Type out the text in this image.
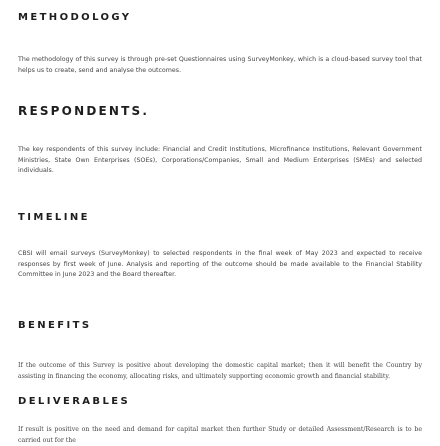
METHODOLOGY

The methodology of this survey is through pre-set Questionnaires using SurveyMonkey, which is a cloud-based survey tool that helps us to create, send and analyse the outcomes.

RESPONDENTS.

The key respondents of this survey include: Financial and Credit Institutions, Microfinance Institutions, Relevant Government Ministries, State Own Enterprises (SOEs), Corporations/Companies, Small and Medium Enterprises (SMEs) and selected individuals.

TIMELINE

CBSI will email surveys (SurveyMonkey) to selected respondents in the final week of May 2023 and expected to receive responses by first week of June. Analysis and reporting of the outcome should be made available to the Financial Stability Committee in June 2023 and the Board thereafter.

BENEFITS

If the outcome of this Survey is positive about developing the domestic capital market; then it will benefit the Country by assisting in financing the economy, allocating risks, and ultimately supporting economic growth and financial stability.

DELIVERABLES

If result is positive on the need and demand for capital market then further Study or detailed Assessment/Research is to be carried out for the
